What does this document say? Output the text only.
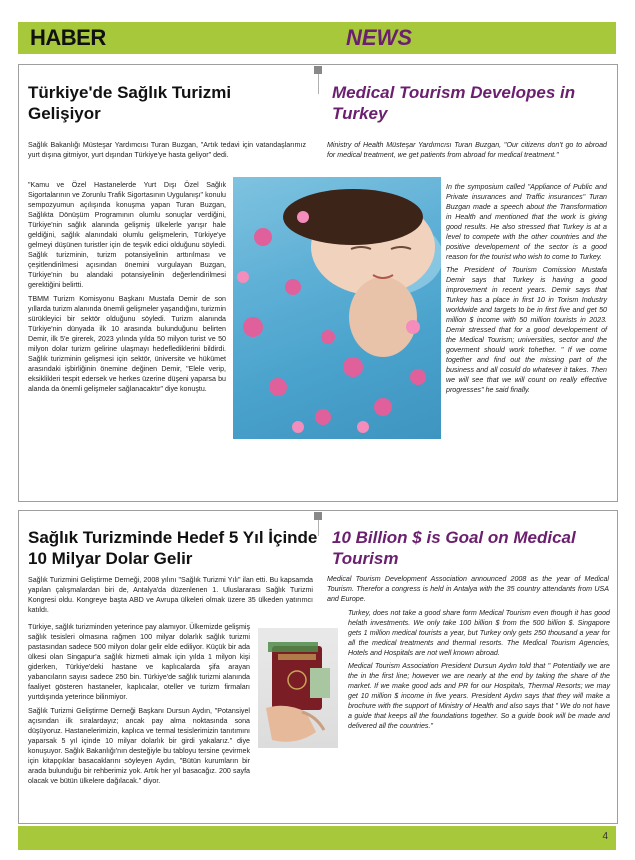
HABER	NEWS
Türkiye'de Sağlık Turizmi Gelişiyor
Medical Tourism Developes in Turkey

Sağlık Bakanlığı Müsteşar Yardımcısı Turan Buzgan, "Artık tedavi için vatandaşlarımız yurt dışına gitmiyor, yurt dışından Türkiye'ye hasta geliyor" dedi.

"Kamu ve Özel Hastanelerde Yurt Dışı Özel Sağlık Sigortalarının ve Zorunlu Trafik Sigortasının Uygulanışı" konulu sempozyumun açılışında konuşma yapan Turan Buzgan, Sağlıkta Dönüşüm Programının olumlu sonuçlar verdiğini, Türkiye'nin sağlık alanında gelişmiş ülkelerle yarışır hale geldiğini, sağlık alanındaki olumlu gelişmelerin, Türkiye'ye gelmeyi düşünen turistler için de teşvik edici olduğunu söyledi. Sağlık turizminin, turizm potansiyelinin arttırılması ve çeşitlendirilmesi açısından önemini vurgulayan Buzgan, Türkiye'nin bu alandaki potansiyelinin değerlendirilmesi gerektiğini belirtti.

TBMM Turizm Komisyonu Başkanı Mustafa Demir de son yıllarda turizm alanında önemli gelişmeler yaşandığını, turizmin sürükleyici bir sektör olduğunu söyledi. Turizm alanında Türkiye'nin dünyada ilk 10 arasında bulunduğunu belirten Demir, ilk 5'e girerek, 2023 yılında yılda 50 milyon turist ve 50 milyon dolar turizm gelirine ulaşmayı hedeflediklerini bildirdi. Sağlık turizminin gelişmesi için sektör, üniversite ve hükümet arasındaki işbirliğinin önemine değinen Demir, "Elele verip, eksiklikleri tespit edersek ve herkes üzerine düşeni yaparsa bu alanda da önemli gelişmeler sağlanacaktır" diye konuştu.

Ministry of Health Müsteşar Yardımcısı Turan Buzgan, "Our citizens don't go to abroad for medical treatment, we get patients from abroad for medical treatment."

In the symposium called "Appliance of Public and Private insurances and Traffic insurances" Turan Buzgan made a speech about the Transformation in Health and mentioned that the work is giving good results. He also stressed that Turkey is at a level to compete with the other countries and the positive developement of the sector is a good reason for the tourist who wish to come to Turkey.

The President of Tourism Comission Mustafa Demir says that Turkey is having a good improvement in recent years. Demir says that Turkey has a place in first 10 in Torism Industry worldwide and targets to be in first five and get 50 million $ income with 50 million tourists in 2023. Demir stressed that for a good developement of the Medical Tourism; universities, sector and the goverment should work tohether. " If we come together and find out the missing part of the business and all cosuld do whatever it takes. Then we will see that we will count on really effective progresses" he said finally.

Sağlık Turizminde Hedef 5 Yıl İçinde 10 Milyar Dolar Gelir
10 Billion $ is Goal on Medical Tourism

Sağlık Turizmini Geliştirme Derneği, 2008 yılını "Sağlık Turizmi Yılı" ilan etti. Bu kapsamda yapılan çalışmalardan biri de, Antalya'da düzenlenen 1. Uluslararası Sağlık Turizmi Kongresi oldu. Kongreye başta ABD ve Avrupa ülkeleri olmak üzere 35 ülkeden yatırımcı katıldı.

Türkiye, sağlık turizminden yeterince pay alamıyor. Ülkemizde gelişmiş sağlık tesisleri olmasına rağmen 100 milyar dolarlık sağlık turizmi pastasından sadece 500 milyon dolar gelir elde ediliyor. Küçük bir ada ülkesi olan Singapur'a sağlık hizmeti almak için yılda 1 milyon kişi giderken, Türkiye'deki hastane ve kaplıcalarda şifa arayan yabancıların sayısı sadece 250 bin. Türkiye'de sağlık turizmi alanında faaliyet gösteren hastaneler, kaplıcalar, oteller ve turizm firmaları yurtdışında yeterince bilinmiyor.

Sağlık Turizmi Geliştirme Derneği Başkanı Dursun Aydın, "Potansiyel açısından ilk sıralardayız; ancak pay alma noktasında sona düşüyoruz. Hastanelerimizin, kaplıca ve termal tesislerimizin tanıtımını yaparsak 5 yıl içinde 10 milyar dolarlık bir girdi yakalarız." diye konuşuyor. Sağlık Bakanlığı'nın desteğiyle bu tabloyu tersine çevirmek için kitapçıklar basacaklarını söyleyen Aydın, "Bütün kurumların bir arada bulunduğu bir rehberimiz yok. Artık her yıl basacağız. 200 sayfa olacak ve bütün ülkelere dağılacak." diyor.

Medical Tourism Development Association announced 2008 as the year of Medical Tourism. Therefor a congress is held in Antalya with the 35 country attendants from USA and Europe.

Turkey, does not take a good share form Medical Tourism even though it has good helath investments. We only take 100 billion $ from the 500 billion $. Singapore gets 1 million medical tourists a year, but Turkey only gets 250 thousand a year for all the medical treatments and thermal resorts. The Medical Tourism Agencies, Hotels and Hospitals are not well known abroad.

Medical Tourism Association President Dursun Aydın told that " Potentially we are the in the first line; however we are nearly at the end by taking the share of the market. If we make good ads and PR for our Hospitals, Thermal Resorts; we may get 10 million $ income in five years. President Aydın says that they will make a brochure with the support of Ministry of Health and also says that " We do not have a guide that keeps all the foundations together. So a guide book will be made and delivered all the countries."

4
